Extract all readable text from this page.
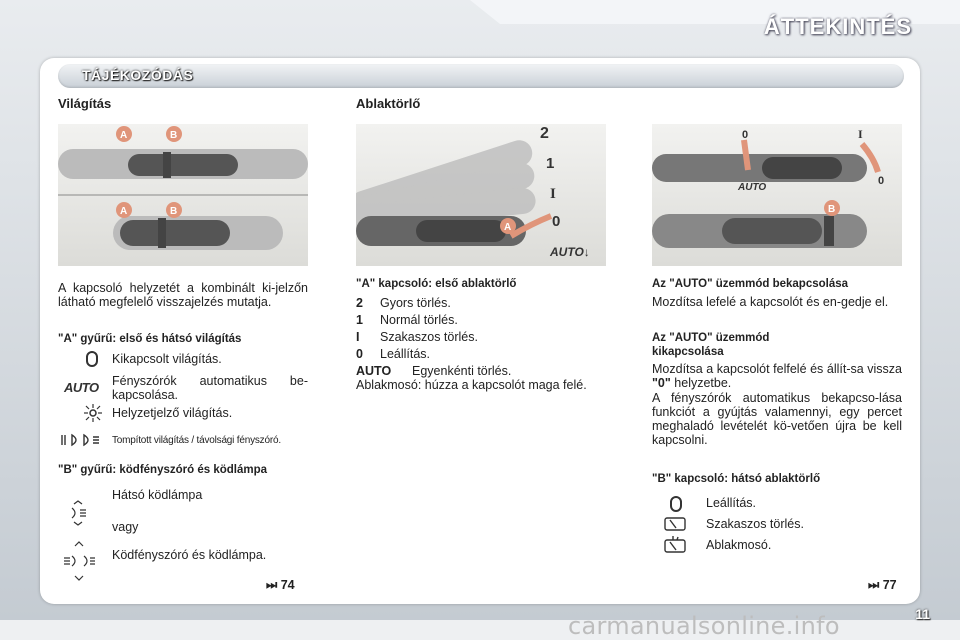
ÁTTEKINTÉS
TÁJÉKOZÓDÁS
Világítás
A	B
A	B
A kapcsoló helyzetét a kombinált ki-jelzőn látható megfelelő visszajelzés mutatja.
"A" gyűrű: első és hátsó világítás
Kikapcsolt világítás.
AUTO Fényszórók automatikus be-kapcsolása.
Helyzetjelző világítás.
Tompított világítás / távolsági fényszóró.
"B" gyűrű: ködfényszóró és ködlámpa
Hátsó ködlámpa
vagy
Ködfényszóró és ködlámpa.
⏭ 74
Ablaktörlő
A
2
1
I
0
AUTO↓
"A" kapcsoló: első ablaktörlő
2 Gyors törlés.
1 Normál törlés.
I Szakaszos törlés.
0 Leállítás.
AUTO Egyenkénti törlés.
Ablakmosó: húzza a kapcsolót maga felé.
0
AUTO
I
0
B
Az "AUTO" üzemmód bekapcsolása
Mozdítsa lefelé a kapcsolót és en-gedje el.
Az "AUTO" üzemmód kikapcsolása
Mozdítsa a kapcsolót felfelé és állít-sa vissza "0" helyzetbe.
A fényszórók automatikus bekapcso-lása funkciót a gyújtás valamennyi, egy percet meghaladó levételét kö-vetően újra be kell kapcsolni.
"B" kapcsoló: hátsó ablaktörlő
Leállítás.
Szakaszos törlés.
Ablakmosó.
⏭ 77
carmanualsonline.info	11
